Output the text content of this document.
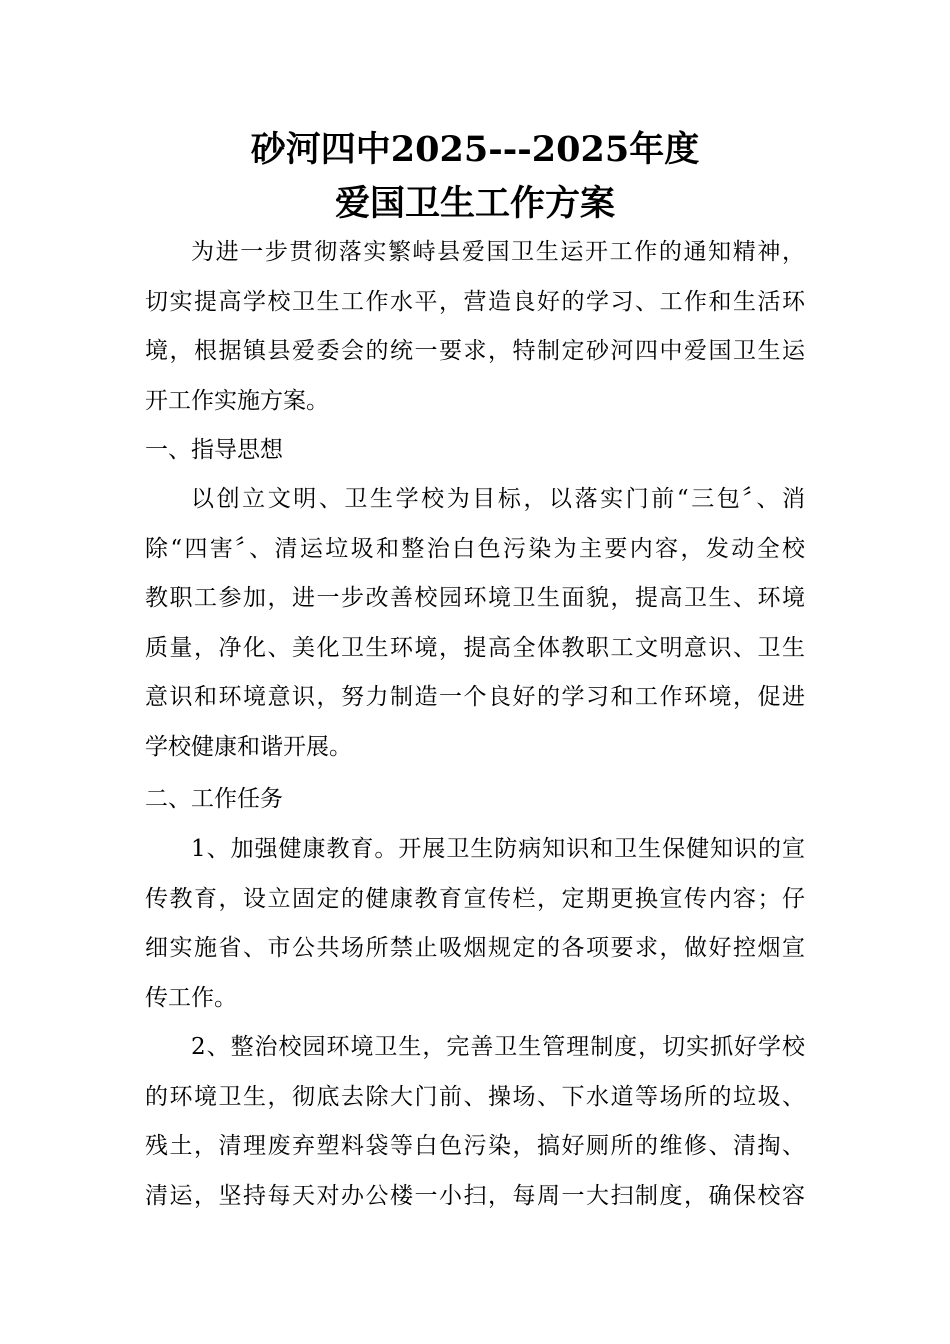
砂河四中2025---2025年度
爱国卫生工作方案
为进一步贯彻落实繁峙县爱国卫生运开工作的通知精神，
切实提高学校卫生工作水平，营造良好的学习、工作和生活环
境，根据镇县爱委会的统一要求，特制定砂河四中爱国卫生运
开工作实施方案。
一、指导思想
以创立文明、卫生学校为目标，以落实门前“三包〞、消
除“四害〞、清运垃圾和整治白色污染为主要内容，发动全校
教职工参加，进一步改善校园环境卫生面貌，提高卫生、环境
质量，净化、美化卫生环境，提高全体教职工文明意识、卫生
意识和环境意识，努力制造一个良好的学习和工作环境，促进
学校健康和谐开展。
二、工作任务
1、加强健康教育。开展卫生防病知识和卫生保健知识的宣
传教育，设立固定的健康教育宣传栏，定期更换宣传内容；仔
细实施省、市公共场所禁止吸烟规定的各项要求，做好控烟宣
传工作。
2、整治校园环境卫生，完善卫生管理制度，切实抓好学校
的环境卫生，彻底去除大门前、操场、下水道等场所的垃圾、
残土，清理废弃塑料袋等白色污染，搞好厕所的维修、清掏、
清运，坚持每天对办公楼一小扫，每周一大扫制度，确保校容
